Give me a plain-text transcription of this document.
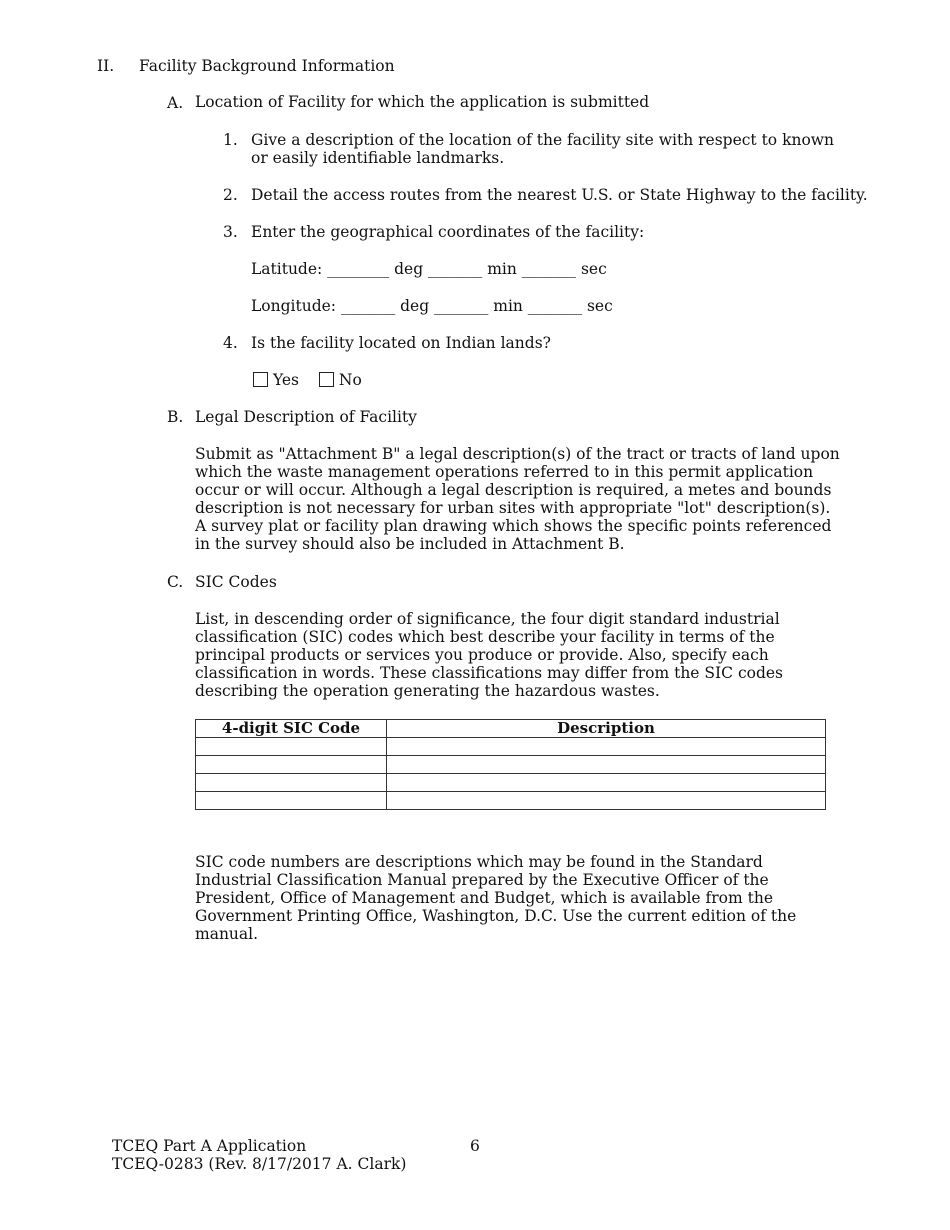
II. Facility Background Information
A. Location of Facility for which the application is submitted
1. Give a description of the location of the facility site with respect to known or easily identifiable landmarks.
2. Detail the access routes from the nearest U.S. or State Highway to the facility.
3. Enter the geographical coordinates of the facility:
Latitude: ________ deg _______ min _______ sec
Longitude: _______ deg _______ min _______ sec
4. Is the facility located on Indian lands?
Yes	No
B. Legal Description of Facility
Submit as "Attachment B" a legal description(s) of the tract or tracts of land upon which the waste management operations referred to in this permit application occur or will occur. Although a legal description is required, a metes and bounds description is not necessary for urban sites with appropriate "lot" description(s). A survey plat or facility plan drawing which shows the specific points referenced in the survey should also be included in Attachment B.
C. SIC Codes
List, in descending order of significance, the four digit standard industrial classification (SIC) codes which best describe your facility in terms of the principal products or services you produce or provide. Also, specify each classification in words. These classifications may differ from the SIC codes describing the operation generating the hazardous wastes.
4-digit SIC Code	Description

SIC code numbers are descriptions which may be found in the Standard Industrial Classification Manual prepared by the Executive Officer of the President, Office of Management and Budget, which is available from the Government Printing Office, Washington, D.C. Use the current edition of the manual.
TCEQ Part A Application
TCEQ-0283 (Rev. 8/17/2017 A. Clark)
6
